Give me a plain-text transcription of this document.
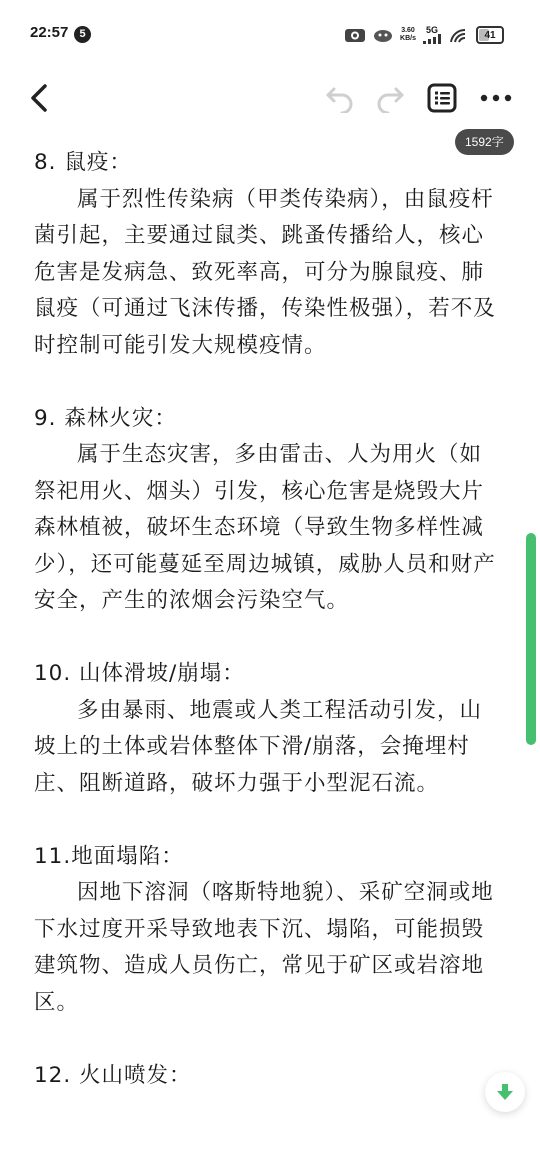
22:57	5	3.60
KB/s
5G	41
1592字

8. 鼠疫：

属于烈性传染病（甲类传染病），由鼠疫杆菌引起，主要通过鼠类、跳蚤传播给人，核心危害是发病急、致死率高，可分为腺鼠疫、肺鼠疫（可通过飞沫传播，传染性极强），若不及时控制可能引发大规模疫情。

9. 森林火灾：

属于生态灾害，多由雷击、人为用火（如祭祀用火、烟头）引发，核心危害是烧毁大片森林植被，破坏生态环境（导致生物多样性减少），还可能蔓延至周边城镇，威胁人员和财产安全，产生的浓烟会污染空气。

10. 山体滑坡/崩塌：

多由暴雨、地震或人类工程活动引发，山坡上的土体或岩体整体下滑/崩落，会掩埋村庄、阻断道路，破坏力强于小型泥石流。

11.地面塌陷：

因地下溶洞（喀斯特地貌）、采矿空洞或地下水过度开采导致地表下沉、塌陷，可能损毁建筑物、造成人员伤亡，常见于矿区或岩溶地区。

12. 火山喷发：
